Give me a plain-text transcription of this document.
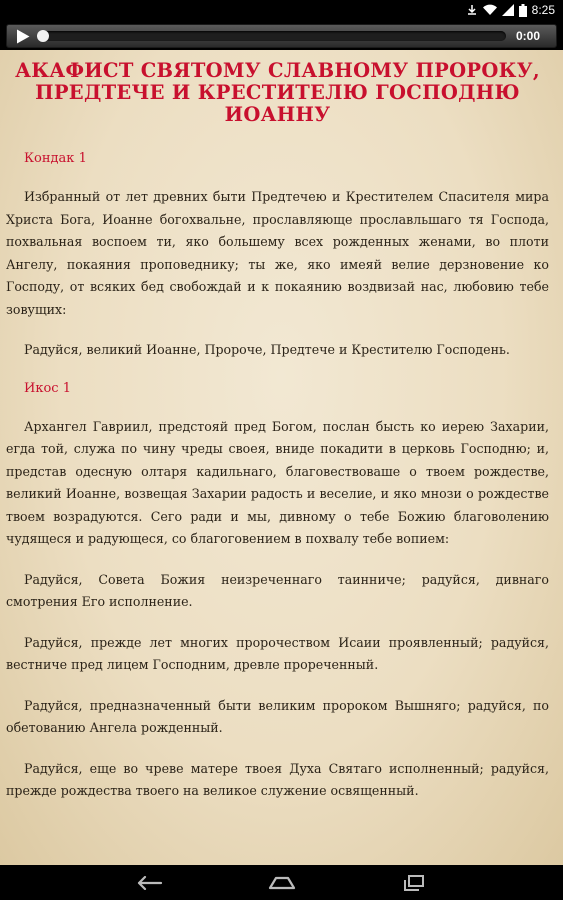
8:25
0:00
АКАФИСТ СВЯТОМУ СЛАВНОМУ ПРОРОКУ, ПРЕДТЕЧЕ И КРЕСТИТЕЛЮ ГОСПОДНЮ ИОАННУ
Кондак 1

Избранный от лет древних быти Предтечею и Крестителем Спасителя мира Христа Бога, Иоанне богохвальне, прославляюще прославльшаго тя Господа, похвальная воспоем ти, яко большему всех рожденных женами, во плоти Ангелу, покаяния проповеднику; ты же, яко имеяй велие дерзновение ко Господу, от всяких бед свобождай и к покаянию воздвизай нас, любовию тебе зовущих:

Радуйся, великий Иоанне, Пророче, Предтече и Крестителю Господень.

Икос 1

Архангел Гавриил, предстояй пред Богом, послан бысть ко иерею Захарии, егда той, служа по чину чреды своея, вниде покадити в церковь Господню; и, представ одесную олтаря кадильнаго, благовествоваше о твоем рождестве, великий Иоанне, возвещая Захарии радость и веселие, и яко мнози о рождестве твоем возрадуются. Сего ради и мы, дивному о тебе Божию благоволению чудящеся и радующеся, со благоговением в похвалу тебе вопием:

Радуйся, Совета Божия неизреченнаго таинниче; радуйся, дивнаго смотрения Его исполнение.

Радуйся, прежде лет многих пророчеством Исаии проявленный; радуйся, вестниче пред лицем Господним, древле прореченный.

Радуйся, предназначенный быти великим пророком Вышняго; радуйся, по обетованию Ангела рожденный.

Радуйся, еще во чреве матере твоея Духа Святаго исполненный; радуйся, прежде рождества твоего на великое служение освященный.
